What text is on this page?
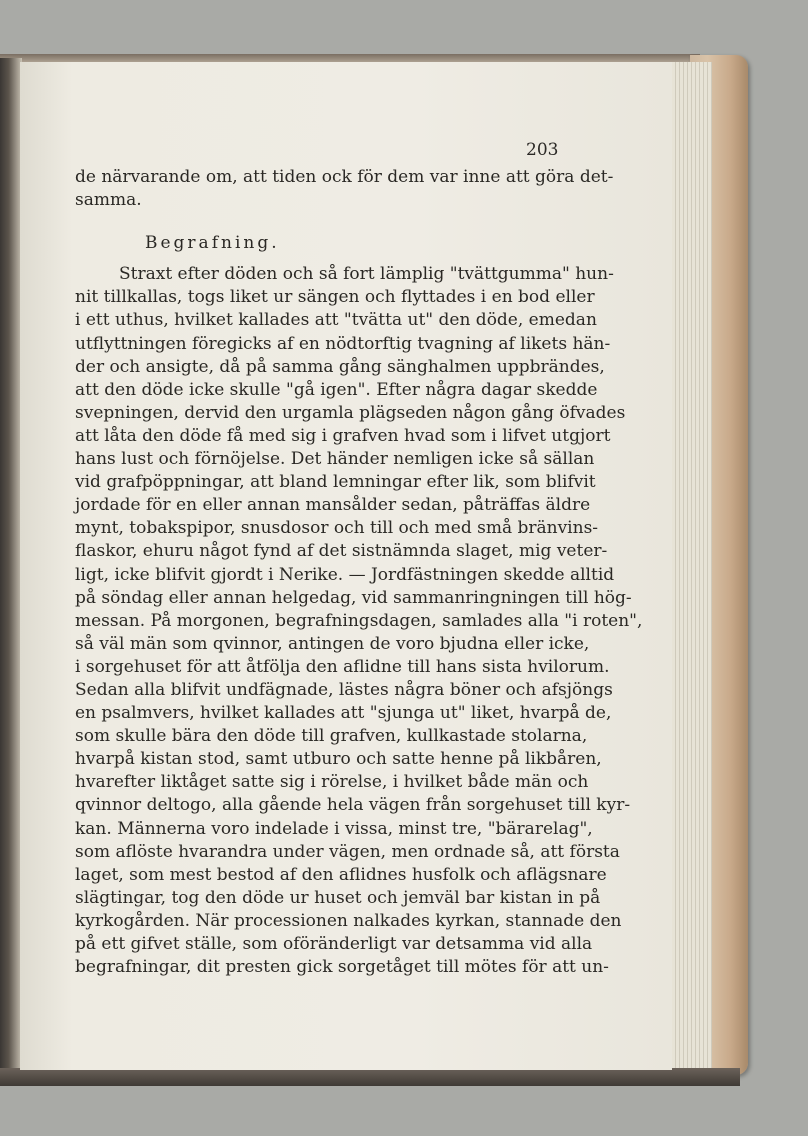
203
de närvarande om, att tiden ock för dem var inne att göra det-
samma.
Begrafning.
Straxt efter döden och så fort lämplig "tvättgumma" hun-
nit tillkallas, togs liket ur sängen och flyttades i en bod eller
i ett uthus, hvilket kallades att "tvätta ut" den döde, emedan
utflyttningen föregicks af en nödtorftig tvagning af likets hän-
der och ansigte, då på samma gång sänghalmen uppbrändes,
att den döde icke skulle "gå igen". Efter några dagar skedde
svepningen, dervid den urgamla plägseden någon gång öfvades
att låta den döde få med sig i grafven hvad som i lifvet utgjort
hans lust och förnöjelse. Det händer nemligen icke så sällan
vid grafpöppningar, att bland lemningar efter lik, som blifvit
jordade för en eller annan mansålder sedan, påträffas äldre
mynt, tobakspipor, snusdosor och till och med små bränvins-
flaskor, ehuru något fynd af det sistnämnda slaget, mig veter-
ligt, icke blifvit gjordt i Nerike. — Jordfästningen skedde alltid
på söndag eller annan helgedag, vid sammanringningen till hög-
messan. På morgonen, begrafningsdagen, samlades alla "i roten",
så väl män som qvinnor, antingen de voro bjudna eller icke,
i sorgehuset för att åtfölja den aflidne till hans sista hvilorum.
Sedan alla blifvit undfägnade, lästes några böner och afsjöngs
en psalmvers, hvilket kallades att "sjunga ut" liket, hvarpå de,
som skulle bära den döde till grafven, kullkastade stolarna,
hvarpå kistan stod, samt utburo och satte henne på likbåren,
hvarefter liktåget satte sig i rörelse, i hvilket både män och
qvinnor deltogo, alla gående hela vägen från sorgehuset till kyr-
kan. Männerna voro indelade i vissa, minst tre, "bärarelag",
som aflöste hvarandra under vägen, men ordnade så, att första
laget, som mest bestod af den aflidnes husfolk och aflägsnare
slägtingar, tog den döde ur huset och jemväl bar kistan in på
kyrkogården. När processionen nalkades kyrkan, stannade den
på ett gifvet ställe, som oföränderligt var detsamma vid alla
begrafningar, dit presten gick sorgetåget till mötes för att un-
